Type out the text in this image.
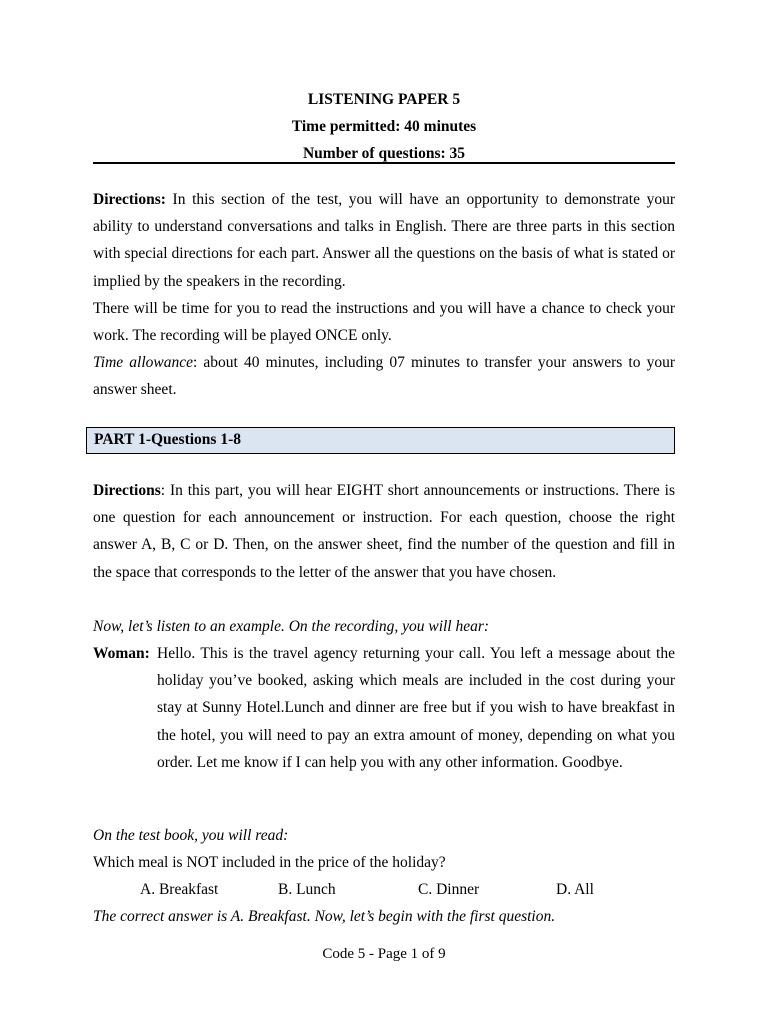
LISTENING PAPER 5
Time permitted: 40 minutes
Number of questions: 35
Directions: In this section of the test, you will have an opportunity to demonstrate your ability to understand conversations and talks in English. There are three parts in this section with special directions for each part. Answer all the questions on the basis of what is stated or implied by the speakers in the recording.
There will be time for you to read the instructions and you will have a chance to check your work. The recording will be played ONCE only.
Time allowance: about 40 minutes, including 07 minutes to transfer your answers to your answer sheet.
PART 1-Questions 1-8
Directions: In this part, you will hear EIGHT short announcements or instructions. There is one question for each announcement or instruction. For each question, choose the right answer A, B, C or D. Then, on the answer sheet, find the number of the question and fill in the space that corresponds to the letter of the answer that you have chosen.
Now, let’s listen to an example. On the recording, you will hear:
Woman: Hello. This is the travel agency returning your call. You left a message about the holiday you’ve booked, asking which meals are included in the cost during your stay at Sunny Hotel.Lunch and dinner are free but if you wish to have breakfast in the hotel, you will need to pay an extra amount of money, depending on what you order. Let me know if I can help you with any other information. Goodbye.
On the test book, you will read:
Which meal is NOT included in the price of the holiday?
A. Breakfast	B. Lunch	C. Dinner	D. All
The correct answer is A. Breakfast. Now, let’s begin with the first question.
Code 5 - Page 1 of 9
